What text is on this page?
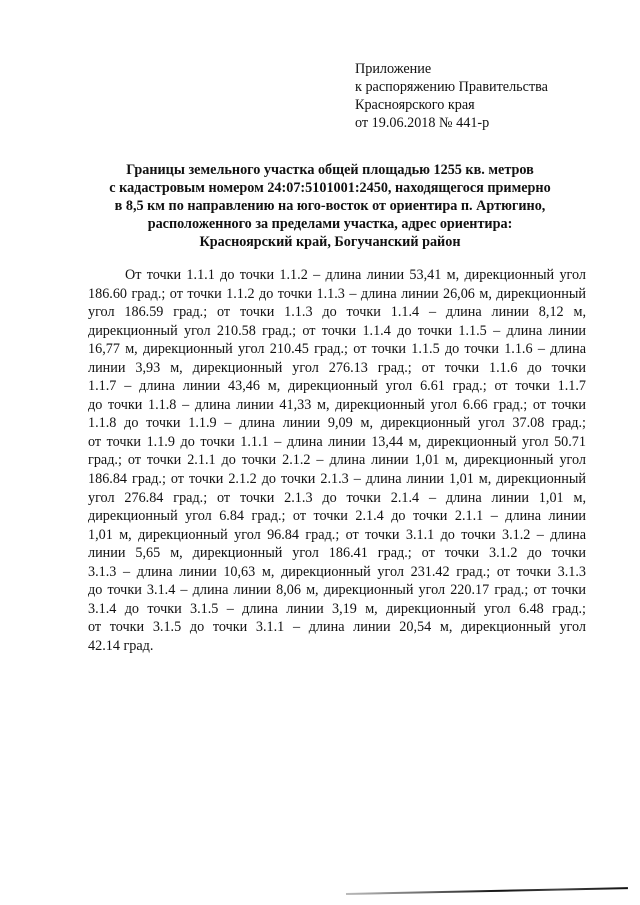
Приложение
к распоряжению Правительства
Красноярского края
от 19.06.2018 № 441-р
Границы земельного участка общей площадью 1255 кв. метров
с кадастровым номером 24:07:5101001:2450, находящегося примерно
в 8,5 км по направлению на юго-восток от ориентира п. Артюгино,
расположенного за пределами участка, адрес ориентира:
Красноярский край, Богучанский район
От точки 1.1.1 до точки 1.1.2 – длина линии 53,41 м, дирекционный угол
186.60 град.; от точки 1.1.2 до точки 1.1.3 – длина линии 26,06 м, дирекционный
угол 186.59 град.; от точки 1.1.3 до точки 1.1.4 – длина линии 8,12 м,
дирекционный угол 210.58 град.; от точки 1.1.4 до точки 1.1.5 – длина линии
16,77 м, дирекционный угол 210.45 град.; от точки 1.1.5 до точки 1.1.6 – длина
линии 3,93 м, дирекционный угол 276.13 град.; от точки 1.1.6 до точки
1.1.7 – длина линии 43,46 м, дирекционный угол 6.61 град.; от точки 1.1.7
до точки 1.1.8 – длина линии 41,33 м, дирекционный угол 6.66 град.; от точки
1.1.8 до точки 1.1.9 – длина линии 9,09 м, дирекционный угол 37.08 град.;
от точки 1.1.9 до точки 1.1.1 – длина линии 13,44 м, дирекционный угол 50.71
град.; от точки 2.1.1 до точки 2.1.2 – длина линии 1,01 м, дирекционный угол
186.84 град.; от точки 2.1.2 до точки 2.1.3 – длина линии 1,01 м, дирекционный
угол 276.84 град.; от точки 2.1.3 до точки 2.1.4 – длина линии 1,01 м,
дирекционный угол 6.84 град.; от точки 2.1.4 до точки 2.1.1 – длина линии
1,01 м, дирекционный угол 96.84 град.; от точки 3.1.1 до точки 3.1.2 – длина
линии 5,65 м, дирекционный угол 186.41 град.; от точки 3.1.2 до точки
3.1.3 – длина линии 10,63 м, дирекционный угол 231.42 град.; от точки 3.1.3
до точки 3.1.4 – длина линии 8,06 м, дирекционный угол 220.17 град.; от точки
3.1.4 до точки 3.1.5 – длина линии 3,19 м, дирекционный угол 6.48 град.;
от точки 3.1.5 до точки 3.1.1 – длина линии 20,54 м, дирекционный угол
42.14 град.
